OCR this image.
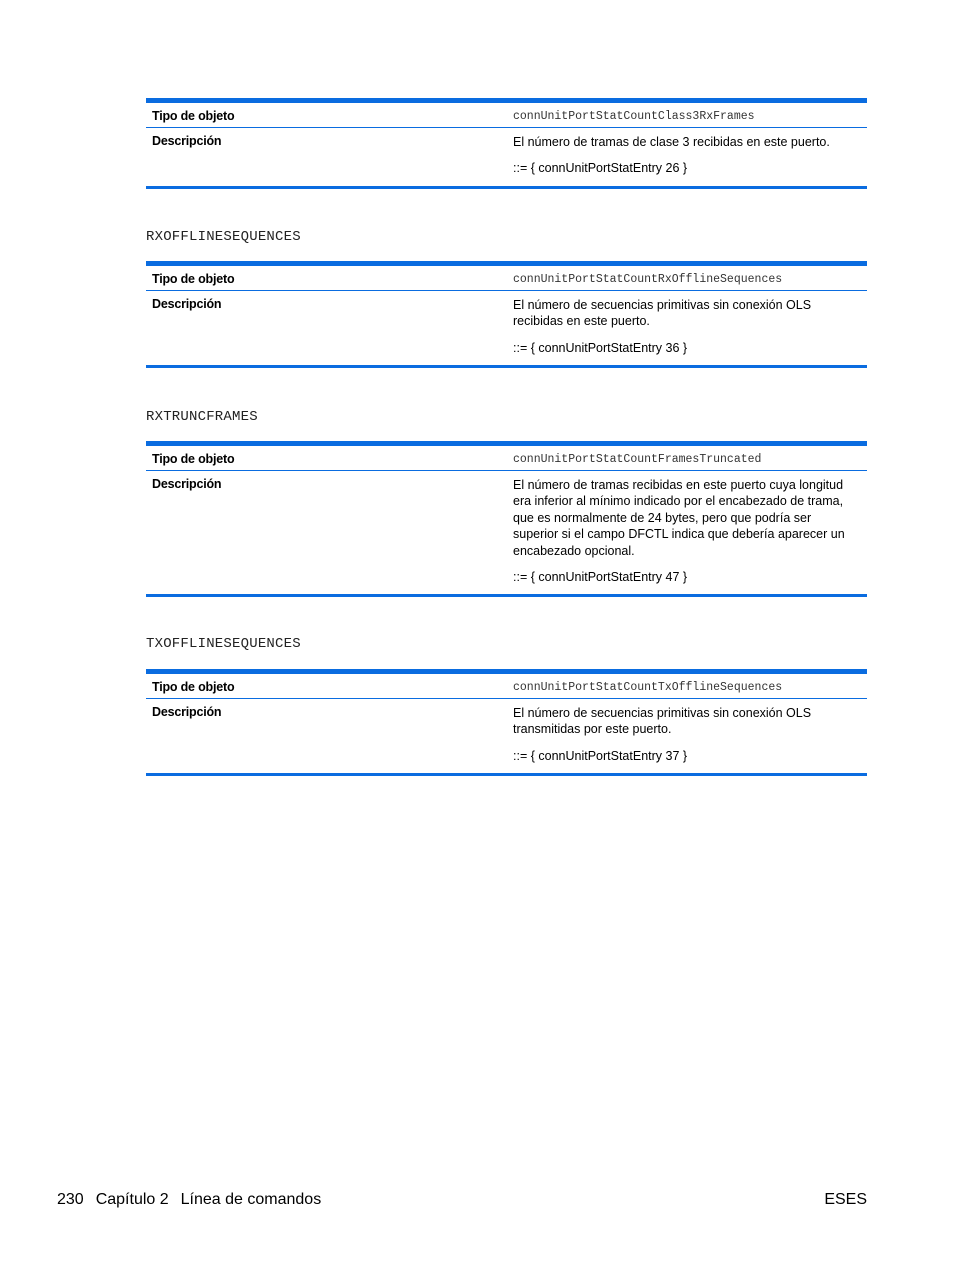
Tipo de objeto	connUnitPortStatCountClass3RxFrames
Descripción	El número de tramas de clase 3 recibidas en este puerto.

::= { connUnitPortStatEntry 26 }

RXOFFLINESEQUENCES
Tipo de objeto	connUnitPortStatCountRxOfflineSequences
Descripción	El número de secuencias primitivas sin conexión OLS recibidas en este puerto.

::= { connUnitPortStatEntry 36 }

RXTRUNCFRAMES
Tipo de objeto	connUnitPortStatCountFramesTruncated
Descripción	El número de tramas recibidas en este puerto cuya longitud era inferior al mínimo indicado por el encabezado de trama, que es normalmente de 24 bytes, pero que podría ser superior si el campo DFCTL indica que debería aparecer un encabezado opcional.

::= { connUnitPortStatEntry 47 }

TXOFFLINESEQUENCES
Tipo de objeto	connUnitPortStatCountTxOfflineSequences
Descripción	El número de secuencias primitivas sin conexión OLS transmitidas por este puerto.

::= { connUnitPortStatEntry 37 }

230 Capítulo 2 Línea de comandos	ESES
